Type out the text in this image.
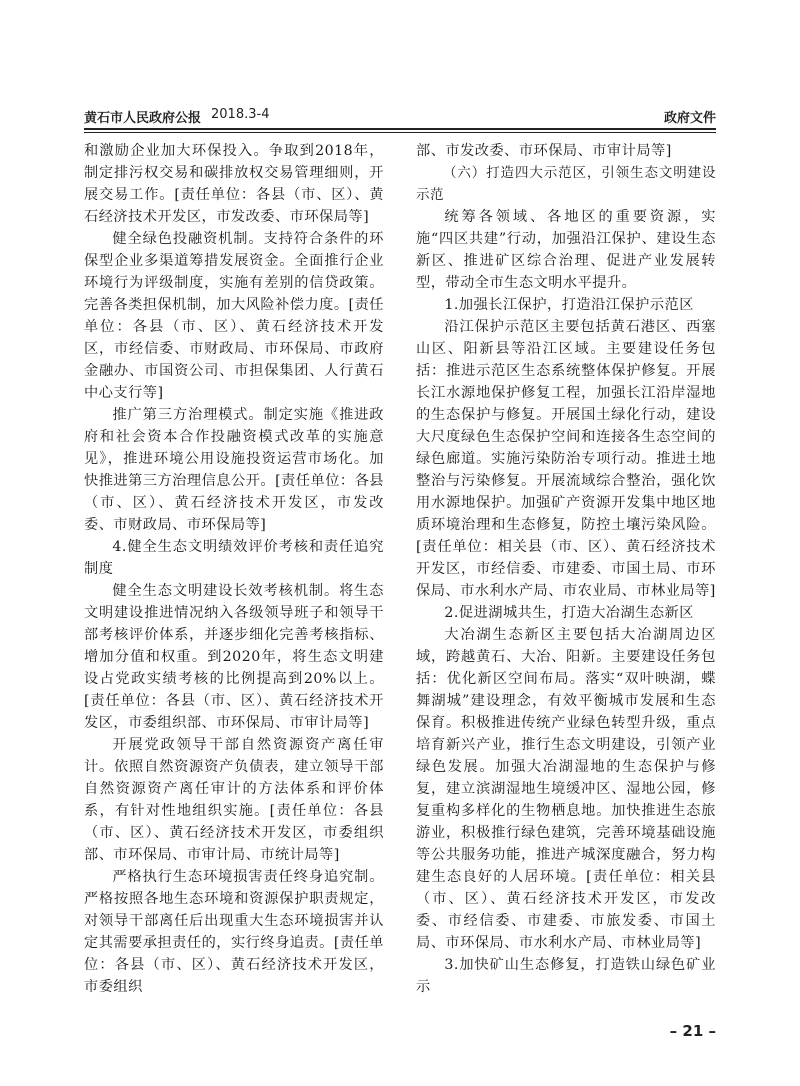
黄石市人民政府公报 2018.3-4	政府文件

和激励企业加大环保投入。争取到2018年，制定排污权交易和碳排放权交易管理细则，开展交易工作。[责任单位：各县（市、区）、黄石经济技术开发区，市发改委、市环保局等]

健全绿色投融资机制。支持符合条件的环保型企业多渠道筹措发展资金。全面推行企业环境行为评级制度，实施有差别的信贷政策。完善各类担保机制，加大风险补偿力度。[责任单位：各县（市、区）、黄石经济技术开发区，市经信委、市财政局、市环保局、市政府金融办、市国资公司、市担保集团、人行黄石中心支行等]

推广第三方治理模式。制定实施《推进政府和社会资本合作投融资模式改革的实施意见》，推进环境公用设施投资运营市场化。加快推进第三方治理信息公开。[责任单位：各县（市、区）、黄石经济技术开发区，市发改委、市财政局、市环保局等]

4.健全生态文明绩效评价考核和责任追究制度

健全生态文明建设长效考核机制。将生态文明建设推进情况纳入各级领导班子和领导干部考核评价体系，并逐步细化完善考核指标、增加分值和权重。到2020年，将生态文明建设占党政实绩考核的比例提高到20%以上。[责任单位：各县（市、区）、黄石经济技术开发区，市委组织部、市环保局、市审计局等]

开展党政领导干部自然资源资产离任审计。依照自然资源资产负债表，建立领导干部自然资源资产离任审计的方法体系和评价体系，有针对性地组织实施。[责任单位：各县（市、区）、黄石经济技术开发区，市委组织部、市环保局、市审计局、市统计局等]

严格执行生态环境损害责任终身追究制。严格按照各地生态环境和资源保护职责规定，对领导干部离任后出现重大生态环境损害并认定其需要承担责任的，实行终身追责。[责任单位：各县（市、区）、黄石经济技术开发区，市委组织

部、市发改委、市环保局、市审计局等]

（六）打造四大示范区，引领生态文明建设示范

统筹各领域、各地区的重要资源，实施“四区共建”行动，加强沿江保护、建设生态新区、推进矿区综合治理、促进产业发展转型，带动全市生态文明水平提升。

1.加强长江保护，打造沿江保护示范区

沿江保护示范区主要包括黄石港区、西塞山区、阳新县等沿江区域。主要建设任务包括：推进示范区生态系统整体保护修复。开展长江水源地保护修复工程，加强长江沿岸湿地的生态保护与修复。开展国土绿化行动，建设大尺度绿色生态保护空间和连接各生态空间的绿色廊道。实施污染防治专项行动。推进土地整治与污染修复。开展流域综合整治，强化饮用水源地保护。加强矿产资源开发集中地区地质环境治理和生态修复，防控土壤污染风险。[责任单位：相关县（市、区）、黄石经济技术开发区，市经信委、市建委、市国土局、市环保局、市水利水产局、市农业局、市林业局等]

2.促进湖城共生，打造大冶湖生态新区

大冶湖生态新区主要包括大冶湖周边区域，跨越黄石、大冶、阳新。主要建设任务包括：优化新区空间布局。落实“双叶映湖，蝶舞湖城”建设理念，有效平衡城市发展和生态保育。积极推进传统产业绿色转型升级，重点培育新兴产业，推行生态文明建设，引领产业绿色发展。加强大冶湖湿地的生态保护与修复，建立滨湖湿地生境缓冲区、湿地公园，修复重构多样化的生物栖息地。加快推进生态旅游业，积极推行绿色建筑，完善环境基础设施等公共服务功能，推进产城深度融合，努力构建生态良好的人居环境。[责任单位：相关县（市、区）、黄石经济技术开发区，市发改委、市经信委、市建委、市旅发委、市国土局、市环保局、市水利水产局、市林业局等]

3.加快矿山生态修复，打造铁山绿色矿业示

– 21 –
